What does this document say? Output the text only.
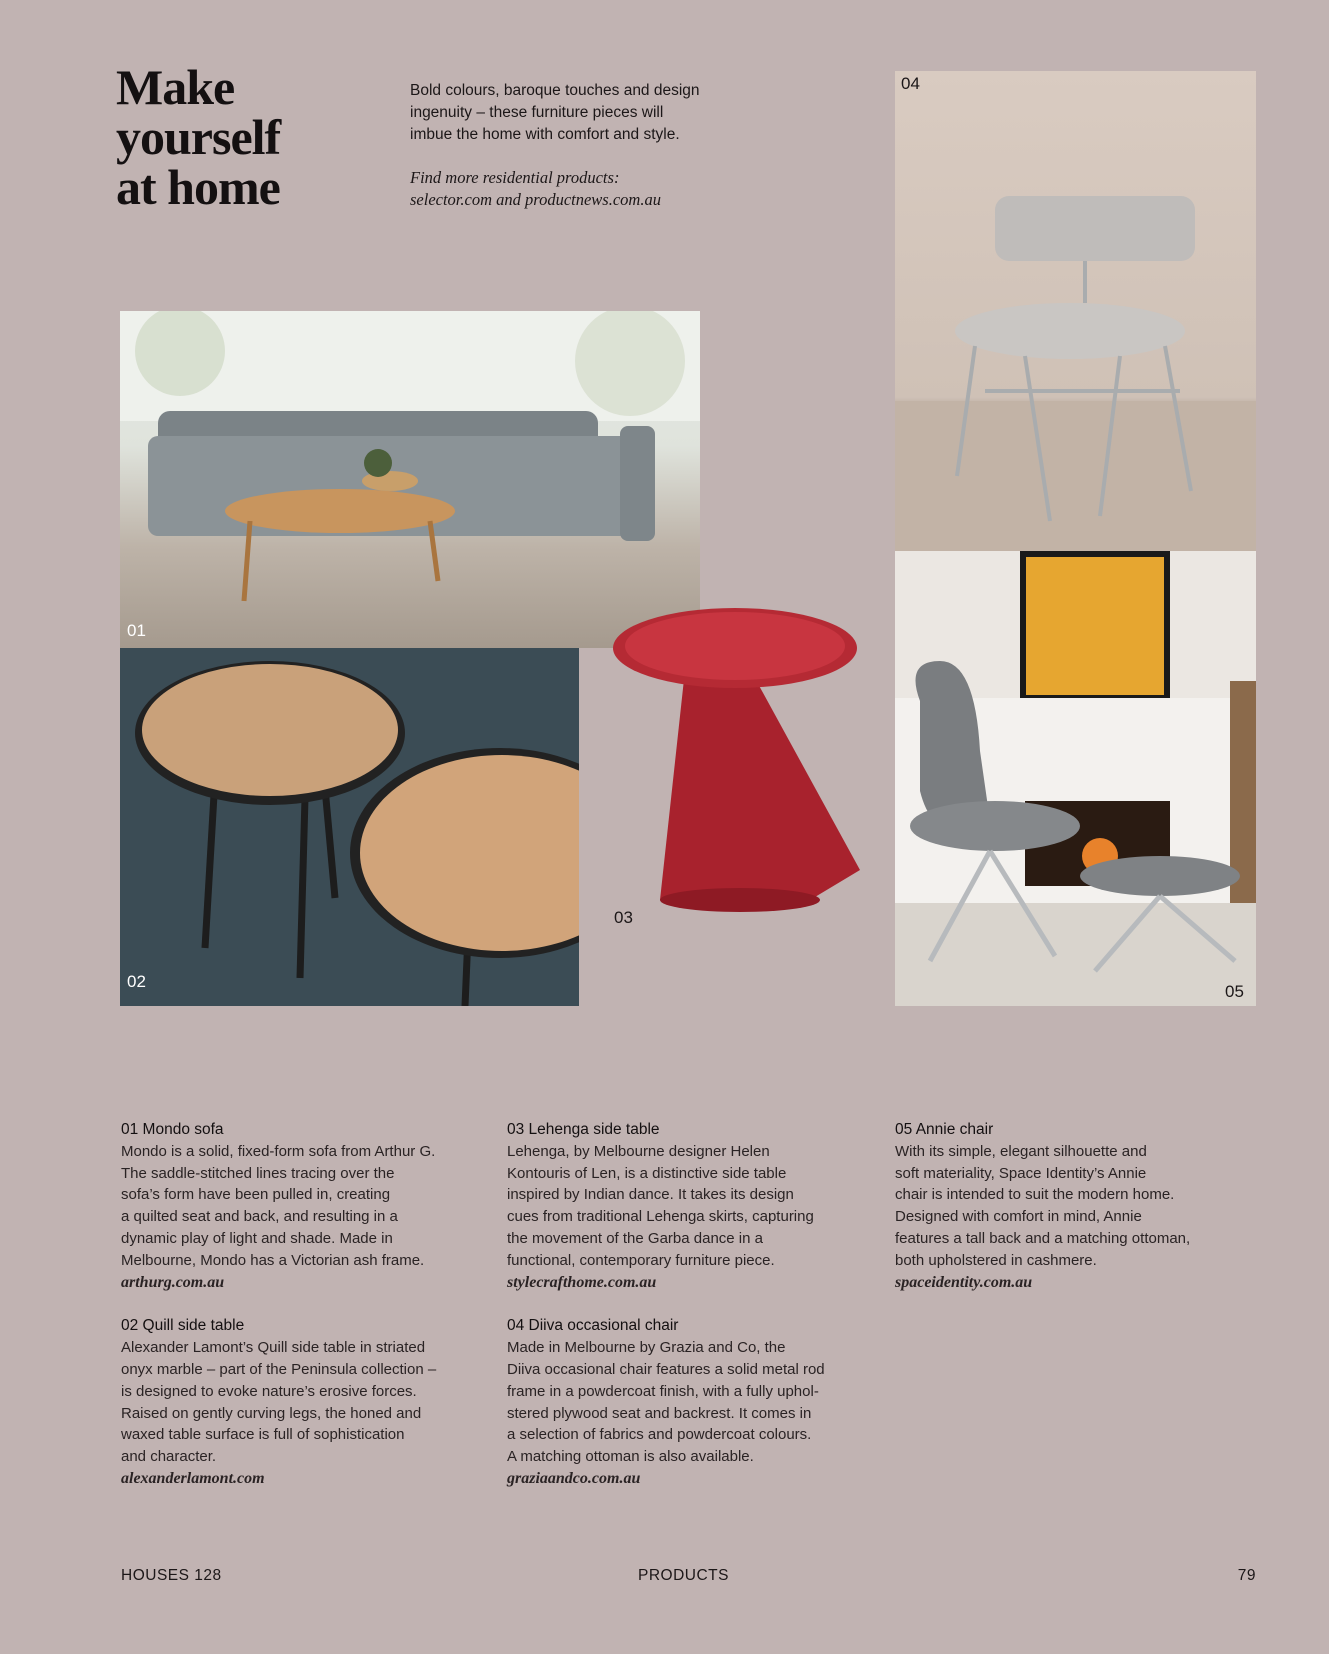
Make
yourself
at home
Bold colours, baroque touches and design
ingenuity – these furniture pieces will
imbue the home with comfort and style.
Find more residential products:
selector.com and productnews.com.au
04
01
02
03
05
01 Mondo sofa
Mondo is a solid, fixed-form sofa from Arthur G.
The saddle-stitched lines tracing over the
sofa’s form have been pulled in, creating
a quilted seat and back, and resulting in a
dynamic play of light and shade. Made in
Melbourne, Mondo has a Victorian ash frame.
arthurg.com.au
02 Quill side table
Alexander Lamont’s Quill side table in striated
onyx marble – part of the Peninsula collection –
is designed to evoke nature’s erosive forces.
Raised on gently curving legs, the honed and
waxed table surface is full of sophistication
and character.
alexanderlamont.com
03 Lehenga side table
Lehenga, by Melbourne designer Helen
Kontouris of Len, is a distinctive side table
inspired by Indian dance. It takes its design
cues from traditional Lehenga skirts, capturing
the movement of the Garba dance in a
functional, contemporary furniture piece.
stylecrafthome.com.au
04 Diiva occasional chair
Made in Melbourne by Grazia and Co, the
Diiva occasional chair features a solid metal rod
frame in a powdercoat finish, with a fully uphol-
stered plywood seat and backrest. It comes in
a selection of fabrics and powdercoat colours.
A matching ottoman is also available.
graziaandco.com.au
05 Annie chair
With its simple, elegant silhouette and
soft materiality, Space Identity’s Annie
chair is intended to suit the modern home.
Designed with comfort in mind, Annie
features a tall back and a matching ottoman,
both upholstered in cashmere.
spaceidentity.com.au
HOUSES 128	PRODUCTS	79
